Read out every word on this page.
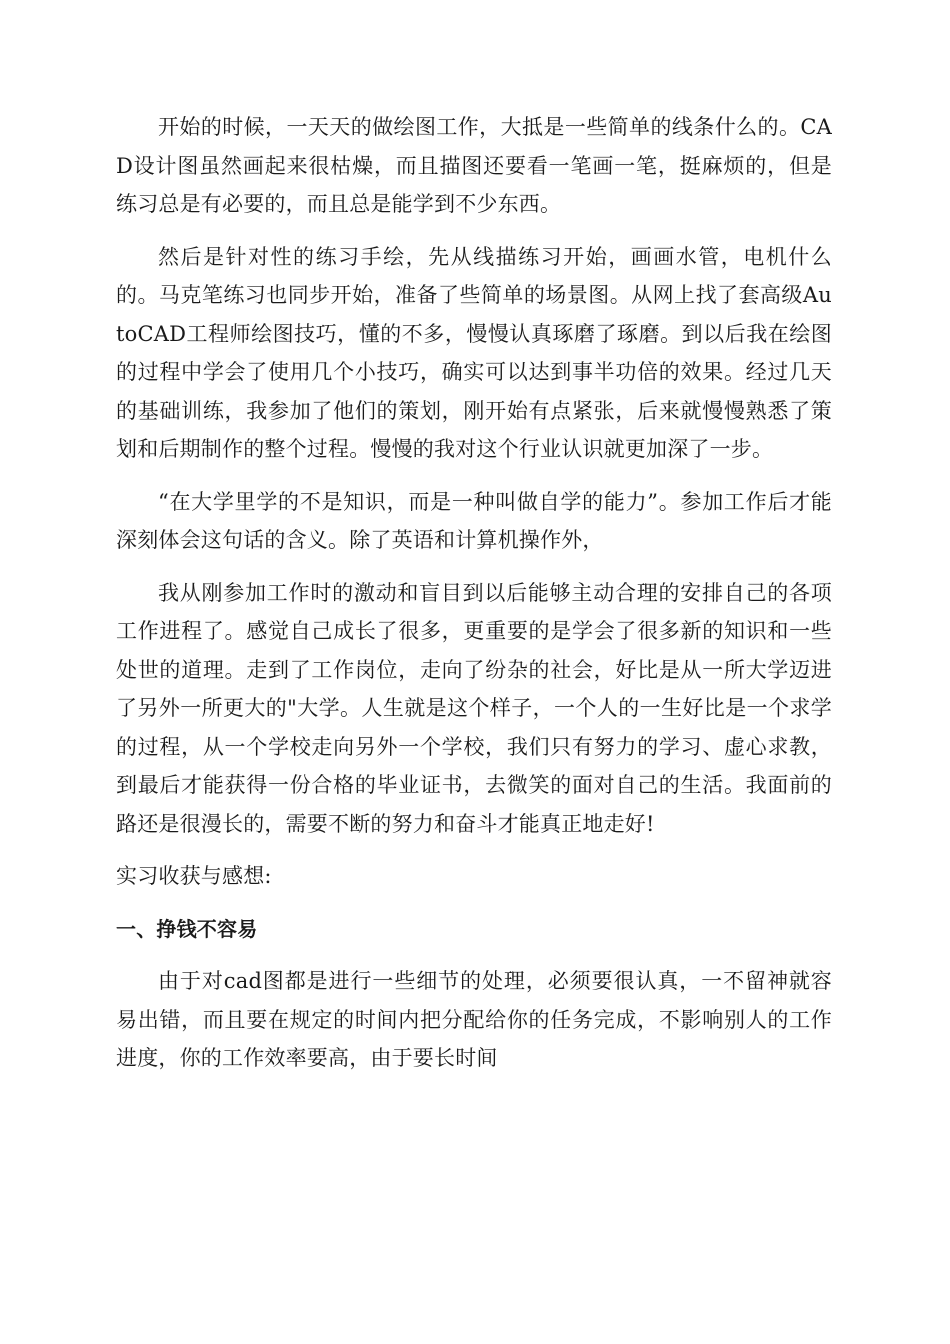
开始的时候，一天天的做绘图工作，大抵是一些简单的线条什么的。CAD设计图虽然画起来很枯燥，而且描图还要看一笔画一笔，挺麻烦的，但是练习总是有必要的，而且总是能学到不少东西。

然后是针对性的练习手绘，先从线描练习开始，画画水管，电机什么的。马克笔练习也同步开始，准备了些简单的场景图。从网上找了套高级AutoCAD工程师绘图技巧，懂的不多，慢慢认真琢磨了琢磨。到以后我在绘图的过程中学会了使用几个小技巧，确实可以达到事半功倍的效果。经过几天的基础训练，我参加了他们的策划，刚开始有点紧张，后来就慢慢熟悉了策划和后期制作的整个过程。慢慢的我对这个行业认识就更加深了一步。

“在大学里学的不是知识，而是一种叫做自学的能力”。参加工作后才能深刻体会这句话的含义。除了英语和计算机操作外，

我从刚参加工作时的激动和盲目到以后能够主动合理的安排自己的各项工作进程了。感觉自己成长了很多，更重要的是学会了很多新的知识和一些处世的道理。走到了工作岗位，走向了纷杂的社会，好比是从一所大学迈进了另外一所更大的"大学。人生就是这个样子，一个人的一生好比是一个求学的过程，从一个学校走向另外一个学校，我们只有努力的学习、虚心求教，到最后才能获得一份合格的毕业证书，去微笑的面对自己的生活。我面前的路还是很漫长的，需要不断的努力和奋斗才能真正地走好!

实习收获与感想:

一、挣钱不容易

由于对cad图都是进行一些细节的处理，必须要很认真，一不留神就容易出错，而且要在规定的时间内把分配给你的任务完成，不影响别人的工作进度，你的工作效率要高，由于要长时间
